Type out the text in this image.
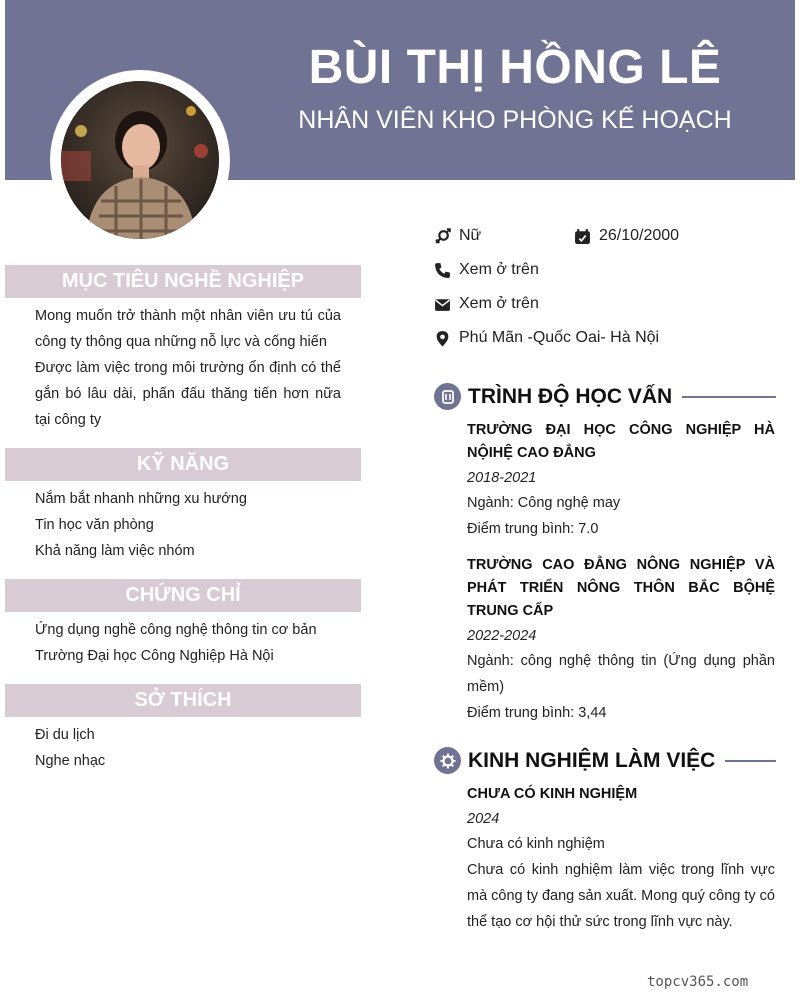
BÙI THỊ HỒNG LÊ
NHÂN VIÊN KHO PHÒNG KẾ HOẠCH
Nữ	26/10/2000
Xem ở trên
Xem ở trên
Phú Mãn -Quốc Oai- Hà Nội
MỤC TIÊU NGHỀ NGHIỆP
Mong muốn trở thành một nhân viên ưu tú của công ty thông qua những nỗ lực và cống hiến
Được làm việc trong môi trường ổn định có thể gắn bó lâu dài, phấn đấu thăng tiến hơn nữa tại công ty
KỸ NĂNG
Nắm bắt nhanh những xu hướng
Tin học văn phòng
Khả năng làm việc nhóm
CHỨNG CHỈ
Ứng dụng nghề công nghệ thông tin cơ bản
Trường Đại học Công Nghiệp Hà Nội
SỞ THÍCH
Đi du lịch
Nghe nhạc
TRÌNH ĐỘ HỌC VẤN
TRƯỜNG ĐẠI HỌC CÔNG NGHIỆP HÀ NỘIHỆ CAO ĐẲNG
2018-2021
Ngành: Công nghệ may
Điểm trung bình: 7.0
TRƯỜNG CAO ĐẲNG NÔNG NGHIỆP VÀ PHÁT TRIỂN NÔNG THÔN BẮC BỘHỆ TRUNG CẤP
2022-2024
Ngành: công nghệ thông tin (Ứng dụng phần mềm)
Điểm trung bình: 3,44
KINH NGHIỆM LÀM VIỆC
CHƯA CÓ KINH NGHIỆM
2024
Chưa có kinh nghiệm
Chưa có kinh nghiệm làm việc trong lĩnh vực mà công ty đang sản xuất. Mong quý công ty có thể tạo cơ hội thử sức trong lĩnh vực này.
topcv365.com
